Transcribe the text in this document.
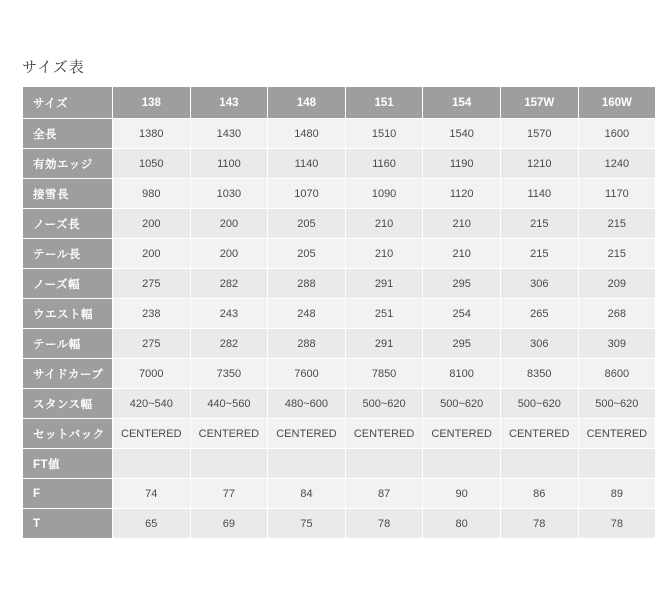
サイズ表
サイズ	138	143	148	151	154	157W	160W
全長	1380	1430	1480	1510	1540	1570	1600
有効エッジ	1050	1100	1140	1160	1190	1210	1240
接雪長	980	1030	1070	1090	1120	1140	1170
ノーズ長	200	200	205	210	210	215	215
テール長	200	200	205	210	210	215	215
ノーズ幅	275	282	288	291	295	306	209
ウエスト幅	238	243	248	251	254	265	268
テール幅	275	282	288	291	295	306	309
サイドカーブ	7000	7350	7600	7850	8100	8350	8600
スタンス幅	420~540	440~560	480~600	500~620	500~620	500~620	500~620
セットバック	CENTERED	CENTERED	CENTERED	CENTERED	CENTERED	CENTERED	CENTERED
FT値							
F	74	77	84	87	90	86	89
T	65	69	75	78	80	78	78
